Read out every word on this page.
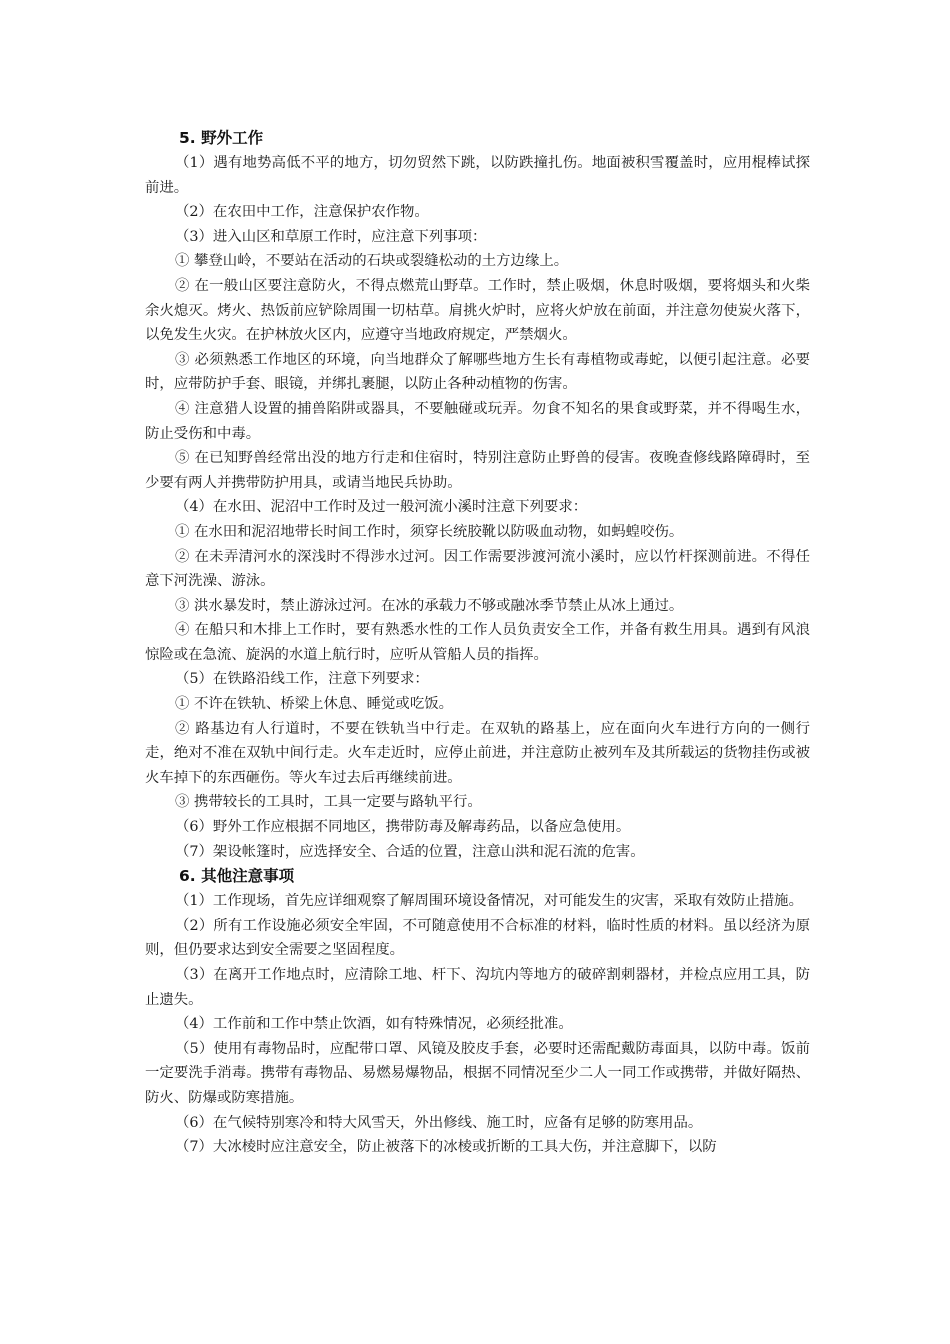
5. 野外工作

（1）遇有地势高低不平的地方，切勿贸然下跳，以防跌撞扎伤。地面被积雪覆盖时，应用棍棒试探前进。

（2）在农田中工作，注意保护农作物。

（3）进入山区和草原工作时，应注意下列事项：

① 攀登山岭，不要站在活动的石块或裂缝松动的土方边缘上。

② 在一般山区要注意防火，不得点燃荒山野草。工作时，禁止吸烟，休息时吸烟，要将烟头和火柴余火熄灭。烤火、热饭前应铲除周围一切枯草。肩挑火炉时，应将火炉放在前面，并注意勿使炭火落下，以免发生火灾。在护林放火区内，应遵守当地政府规定，严禁烟火。

③ 必须熟悉工作地区的环境，向当地群众了解哪些地方生长有毒植物或毒蛇，以便引起注意。必要时，应带防护手套、眼镜，并绑扎裹腿，以防止各种动植物的伤害。

④ 注意猎人设置的捕兽陷阱或器具，不要触碰或玩弄。勿食不知名的果食或野菜，并不得喝生水，防止受伤和中毒。

⑤ 在已知野兽经常出没的地方行走和住宿时，特别注意防止野兽的侵害。夜晚查修线路障碍时，至少要有两人并携带防护用具，或请当地民兵协助。

（4）在水田、泥沼中工作时及过一般河流小溪时注意下列要求：

① 在水田和泥沼地带长时间工作时，须穿长统胶靴以防吸血动物，如蚂蝗咬伤。

② 在未弄清河水的深浅时不得涉水过河。因工作需要涉渡河流小溪时，应以竹杆探测前进。不得任意下河洗澡、游泳。

③ 洪水暴发时，禁止游泳过河。在冰的承载力不够或融冰季节禁止从冰上通过。

④ 在船只和木排上工作时，要有熟悉水性的工作人员负责安全工作，并备有救生用具。遇到有风浪惊险或在急流、旋涡的水道上航行时，应听从管船人员的指挥。

（5）在铁路沿线工作，注意下列要求：

① 不许在铁轨、桥梁上休息、睡觉或吃饭。

② 路基边有人行道时，不要在铁轨当中行走。在双轨的路基上，应在面向火车进行方向的一侧行走，绝对不准在双轨中间行走。火车走近时，应停止前进，并注意防止被列车及其所载运的货物挂伤或被火车掉下的东西砸伤。等火车过去后再继续前进。

③ 携带较长的工具时，工具一定要与路轨平行。

（6）野外工作应根据不同地区，携带防毒及解毒药品，以备应急使用。

（7）架设帐篷时，应选择安全、合适的位置，注意山洪和泥石流的危害。

6. 其他注意事项

（1）工作现场，首先应详细观察了解周围环境设备情况，对可能发生的灾害，采取有效防止措施。

（2）所有工作设施必须安全牢固，不可随意使用不合标准的材料，临时性质的材料。虽以经济为原则，但仍要求达到安全需要之坚固程度。

（3）在离开工作地点时，应清除工地、杆下、沟坑内等地方的破碎割刺器材，并检点应用工具，防止遗失。

（4）工作前和工作中禁止饮酒，如有特殊情况，必须经批准。

（5）使用有毒物品时，应配带口罩、风镜及胶皮手套，必要时还需配戴防毒面具，以防中毒。饭前一定要洗手消毒。携带有毒物品、易燃易爆物品，根据不同情况至少二人一同工作或携带，并做好隔热、防火、防爆或防寒措施。

（6）在气候特别寒冷和特大风雪天，外出修线、施工时，应备有足够的防寒用品。

（7）大冰棱时应注意安全，防止被落下的冰棱或折断的工具大伤，并注意脚下，以防
